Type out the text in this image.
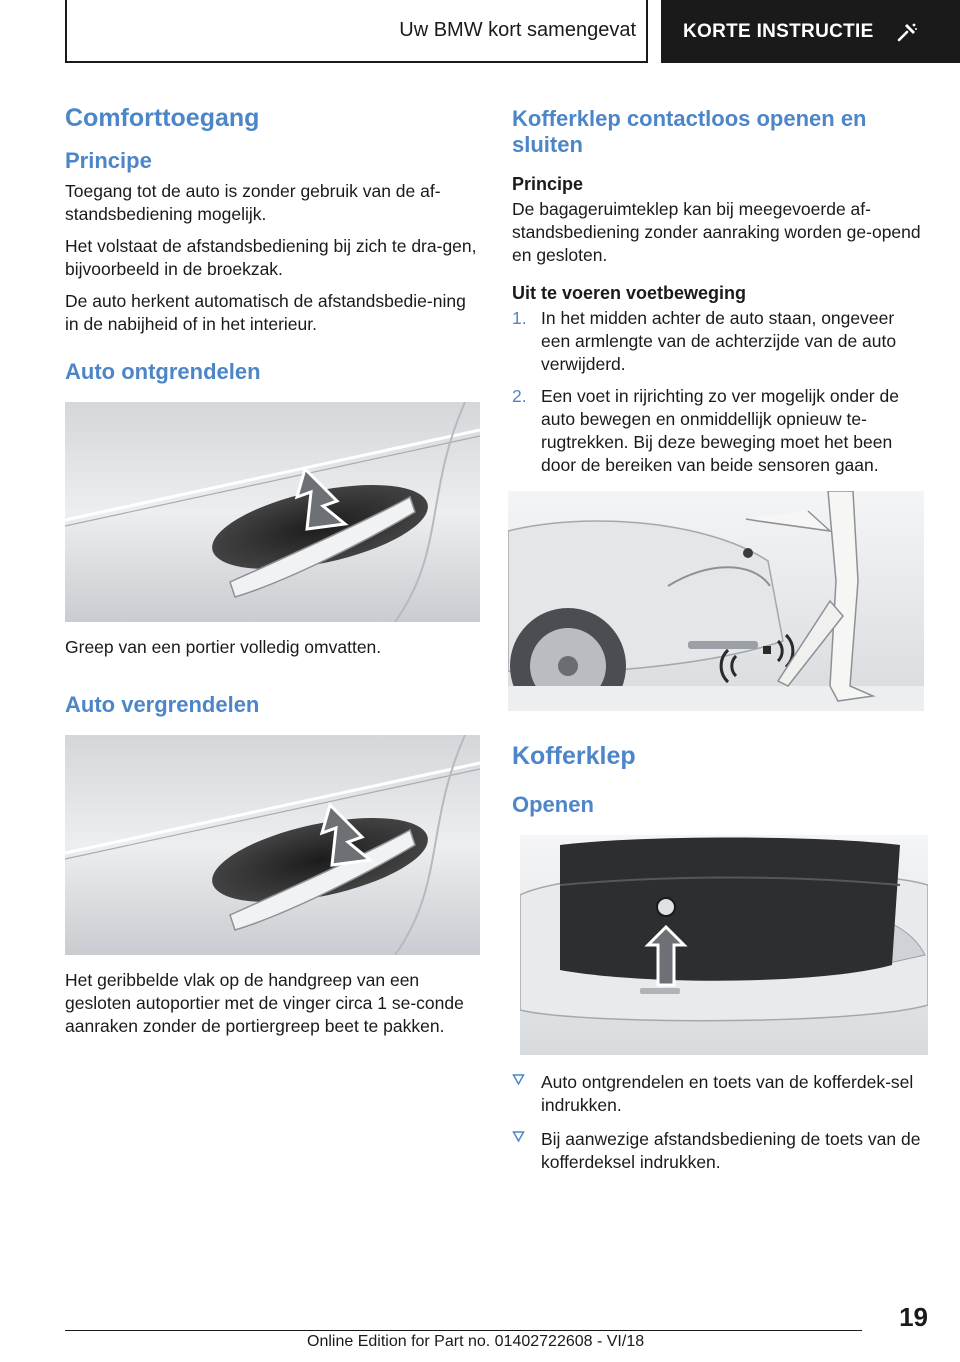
Uw BMW kort samengevat KORTE INSTRUCTIE
Comforttoegang
Principe

Toegang tot de auto is zonder gebruik van de af-standsbediening mogelijk.

Het volstaat de afstandsbediening bij zich te dra-gen, bijvoorbeeld in de broekzak.

De auto herkent automatisch de afstandsbedie-ning in de nabijheid of in het interieur.

Auto ontgrendelen

Greep van een portier volledig omvatten.

Auto vergrendelen

Het geribbelde vlak op de handgreep van een gesloten autoportier met de vinger circa 1 se-conde aanraken zonder de portiergreep beet te pakken.

Kofferklep contactloos openen en sluiten
Principe

De bagageruimteklep kan bij meegevoerde af-standsbediening zonder aanraking worden ge-opend en gesloten.

Uit te voeren voetbeweging
1. In het midden achter de auto staan, ongeveer een armlengte van de achterzijde van de auto verwijderd.
2. Een voet in rijrichting zo ver mogelijk onder de auto bewegen en onmiddellijk opnieuw te-rugtrekken. Bij deze beweging moet het been door de bereiken van beide sensoren gaan.
Kofferklep
Openen
Auto ontgrendelen en toets van de kofferdek-sel indrukken.
Bij aanwezige afstandsbediening de toets van de kofferdeksel indrukken.
19
Online Edition for Part no. 01402722608 - VI/18
